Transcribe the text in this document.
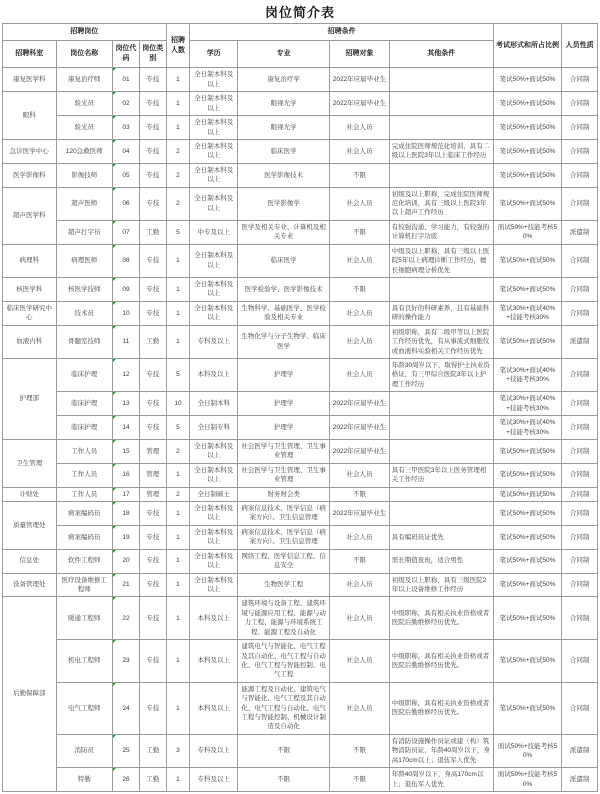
岗位简介表
招聘岗位				招聘人数	招聘条件				考试形式和所占比例	人员性质
招聘科室	岗位名称	岗位代码	岗位类别		学历	专业	招聘对象	其他条件		
康复医学科	康复治疗师	01	专技	1	全日制本科及以上	康复治疗学	2022年应届毕业生		笔试50%+面试50%	合同制
眼科	验光员	02	专技	1	全日制本科及以上	眼视光学	2022年应届毕业生		笔试50%+面试50%	合同制
	验光员	03	专技	1	全日制本科及以上	眼视光学	社会人员		笔试50%+面试50%	合同制
急诊医学中心	120急救医师	04	专技	2	全日制本科及以上	临床医学	社会人员	完成住院医师规范化培训，具有二级以上医院3年以上临床工作经历	笔试50%+面试50%	合同制
医学影像科	影像技师	05	专技	2	全日制本科及以上	医学影像技术	不限		笔试50%+面试50%	合同制
超声医学科	超声医师	06	专技	2	全日制本科及以上	医学影像学	社会人员	初级及以上职称，完成住院医师规范化培训，具有三级以上医院3年以上超声工作经历	笔试50%+面试50%	合同制
	超声打字员	07	工勤	5	中专及以上	医学及相关专业、计算机及相关专业	不限	有较强沟通、学习能力，有较强的计算机打字功底	面试50%+技能考核50%	派遣制
病理科	病理医师	08	专技	1	全日制本科及以上	临床医学	社会人员	中级及以上职称，具有三级以上医院5年以上病理诊断工作经历，擅长细胞病理分析优先	笔试50%+面试50%	合同制
核医学科	核医学技师	09	专技	1	全日制本科及以上	医学检验学、医学影像技术	不限		笔试50%+面试50%	合同制
临床医学研究中心	技术员	10	专技	1	全日制本科及以上	生物科学、基础医学、医学检验及相关专业	社会人员	具有良好的科研素养，且有基础科研的操作能力	笔试30%+面试40%+技能考核30%	合同制
血液内科	骨髓室技师	11	工勤	1	专科及以上	生物化学与分子生物学、临床医学	社会人员	初级职称，具有二级甲等以上医院工作经历优先，有从事流式细胞仪或血液科实验相关工作经历优先	笔试50%+面试50%	派遣制
护理部	临床护理	12	专技	5	本科及以上	护理学	社会人员	年龄30周岁以下，取得护士执业资格证，有三甲综合医院3年以上护理工作经历	笔试30%+面试40%+技能考核30%	合同制
	临床护理	13	专技	10	全日制本科	护理学	2022年应届毕业生		笔试30%+面试40%+技能考核30%	合同制
	临床护理	14	专技	5	全日制专科	护理学	2022年应届毕业生		笔试30%+面试40%+技能考核30%	合同制
卫生管理	工作人员	15	管理	2	全日制本科及以上	社会医学与卫生管理、卫生事业管理	2022年应届毕业生		笔试50%+面试50%	合同制
	工作人员	16	管理	1	全日制本科及以上	社会医学与卫生管理、卫生事业管理	社会人员	具有三甲医院3年以上医务管理相关工作经历	笔试50%+面试50%	合同制
计财处	工作人员	17	管理	2	全日制硕士	财务财会类	不限		笔试50%+面试50%	合同制
质量管理处	病案编码员	18	专技	1	全日制本科及以上	病案信息技术、医学信息（病案方向）、卫生信息管理	2022年应届毕业生		笔试50%+面试50%	合同制
	病案编码员	19	专技	1	全日制本科及以上	病案信息技术、医学信息（病案方向）、卫生信息管理	社会人员	具有编码员证优先	笔试50%+面试50%	合同制
信息处	软件工程师	20	专技	1	全日制本科及以上	网络工程、医学信息工程、信息安全	不限	需长期值夜班，适合男性	笔试50%+面试50%	合同制
设备管理处	医疗设备维修工程师	21	专技	1	全日制本科及以上	生物医学工程	社会人员	初级及以上职称，具有三级医院2年以上设备维修工作经历	笔试50%+面试50%	合同制
后勤保障部	暖通工程师	22	专技	1	本科及以上	建筑环境与设备工程、建筑环境与能源应用工程、能源与动力工程、能源与环境系统工程、能源工程及自动化	社会人员	中级职称，具有相关执业资格或者医院后勤维修经历优先。	笔试50%+面试50%	合同制
	机电工程师	23	专技	1	本科及以上	建筑电气与智能化、电气工程及其自动化、电气工程与自动化、电气工程与智能控制、电气工程	社会人员	中级职称，具有相关执业资格或者医院后勤维修经历优先。	笔试50%+面试50%	合同制
	电气工程师	24	专技	1	本科及以上	能源工程及自动化、建筑电气与智能化、电气工程及其自动化、电气工程与自动化、电气工程与智能控制、机械设计制造及自动化	社会人员	中级职称，具有相关执业资格或者医院后勤维修经历优先。	笔试50%+面试50%	合同制
	消防员	25	工勤	3	专科及以上	不限	不限	有消防设施操作员证或建（构）筑物消防员证，年龄40周岁以下，身高170cm以上；退伍军人优先	面试50%+技能考核50%	派遣制
	特勤	26	工勤	1	专科及以上	不限	不限	年龄40周岁以下，身高170cm以上；退伍军人优先	面试50%+技能考核50%	派遣制
